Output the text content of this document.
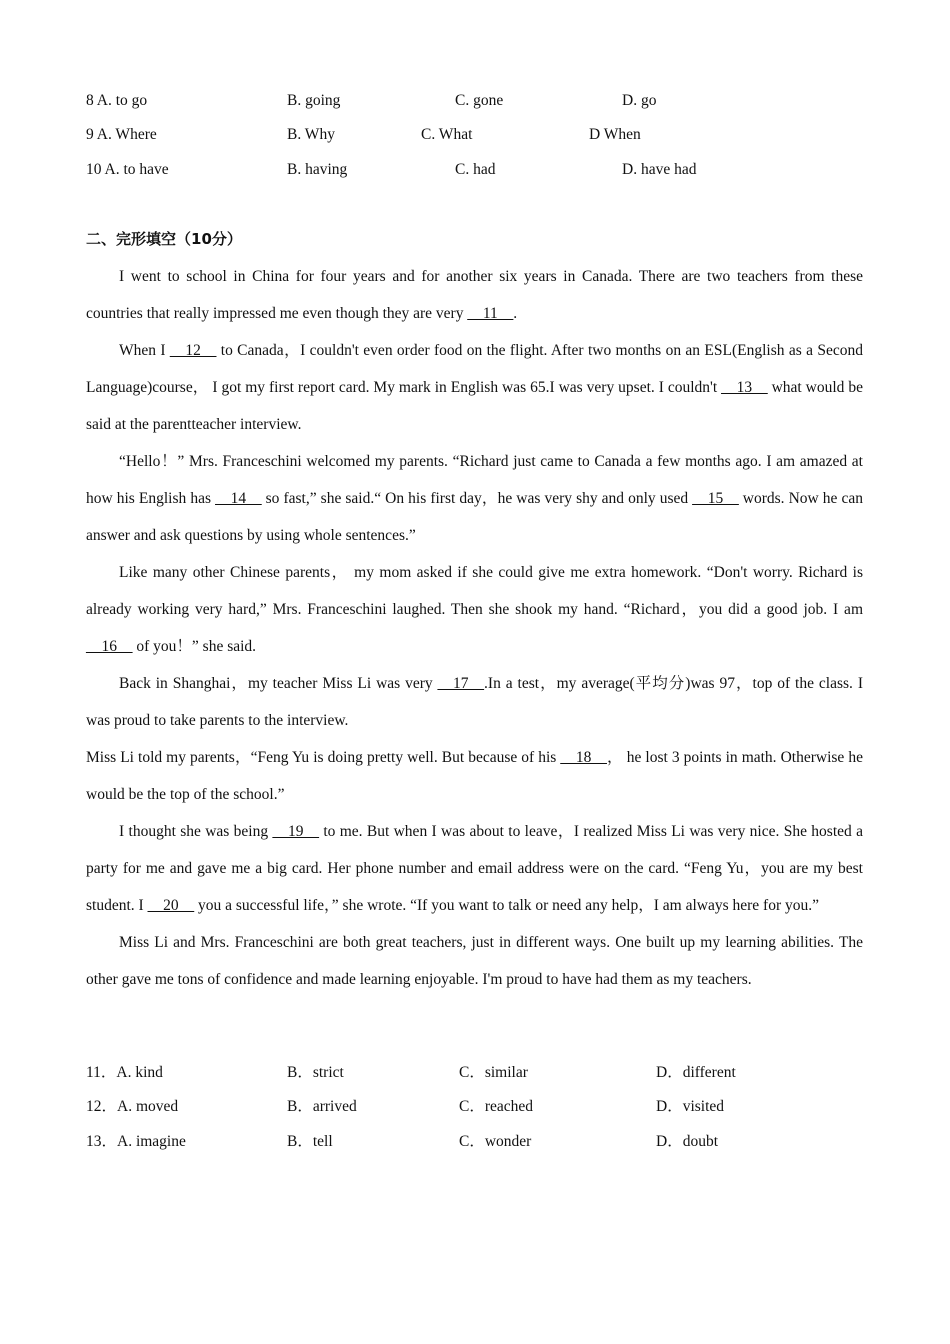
8 A. to go	B. going	C. gone	D. go
9 A. Where	B. Why	C. What	D When
10 A. to have	B. having	C. had	D. have had
二、完形填空（10分）

I went to school in China for four years and for another six years in Canada. There are two teachers from these countries that really impressed me even though they are very __11__.

When I __12__ to Canada，I couldn't even order food on the flight. After two months on an ESL(English as a Second Language)course， I got my first report card. My mark in English was 65.I was very upset. I couldn't __13__ what would be said at the parentteacher interview.

“Hello！” Mrs. Franceschini welcomed my parents. “Richard just came to Canada a few months ago. I am amazed at how his English has __14__ so fast,” she said.“ On his first day，he was very shy and only used __15__ words. Now he can answer and ask questions by using whole sentences.”

Like many other Chinese parents， my mom asked if she could give me extra homework. “Don't worry. Richard is already working very hard,” Mrs. Franceschini laughed. Then she shook my hand. “Richard，you did a good job. I am __16__ of you！” she said.

Back in Shanghai，my teacher Miss Li was very __17__.In a test，my average(平均分)was 97，top of the class. I was proud to take parents to the interview.

Miss Li told my parents，“Feng Yu is doing pretty well. But because of his __18__， he lost 3 points in math. Otherwise he would be the top of the school.”

I thought she was being __19__ to me. But when I was about to leave，I realized Miss Li was very nice. She hosted a party for me and gave me a big card. Her phone number and email address were on the card. “Feng Yu，you are my best student. I __20__ you a successful life，” she wrote. “If you want to talk or need any help，I am always here for you.”

Miss Li and Mrs. Franceschini are both great teachers, just in different ways. One built up my learning abilities. The other gave me tons of confidence and made learning enjoyable. I'm proud to have had them as my teachers.

11．A. kind	B．strict	C．similar	D．different
12．A. moved	B．arrived	C．reached	D．visited
13．A. imagine	B．tell	C．wonder	D．doubt
